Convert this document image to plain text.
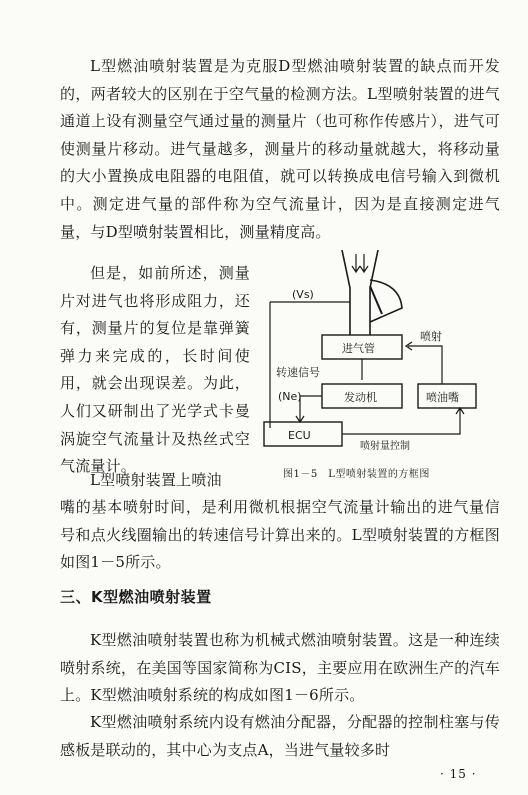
L型燃油喷射装置是为克服D型燃油喷射装置的缺点而开发的，两者较大的区别在于空气量的检测方法。L型喷射装置的进气通道上设有测量空气通过量的测量片（也可称作传感片），进气可使测量片移动。进气量越多，测量片的移动量就越大，将移动量的大小置换成电阻器的电阻值，就可以转换成电信号输入到微机中。测定进气量的部件称为空气流量计，因为是直接测定进气量，与D型喷射装置相比，测量精度高。
但是，如前所述，测量片对进气也将形成阻力，还有，测量片的复位是靠弹簧弹力来完成的，长时间使用，就会出现误差。为此，人们又研制出了光学式卡曼涡旋空气流量计及热丝式空气流量计。
L型喷射装置上喷油
嘴的基本喷射时间，是利用微机根据空气流量计输出的进气量信号和点火线圈输出的转速信号计算出来的。L型喷射装置的方框图如图1－5所示。
三、K型燃油喷射装置
K型燃油喷射装置也称为机械式燃油喷射装置。这是一种连续喷射系统，在美国等国家简称为CIS，主要应用在欧洲生产的汽车上。K型燃油喷射系统的构成如图1－6所示。
K型燃油喷射系统内设有燃油分配器，分配器的控制柱塞与传感板是联动的，其中心为支点A，当进气量较多时
(Vs)
进气管
喷射
发动机
转速信号
(Ne)	喷油嘴
ECU
喷射量控制
图1－5　L型喷射装置的方框图
· 15 ·
